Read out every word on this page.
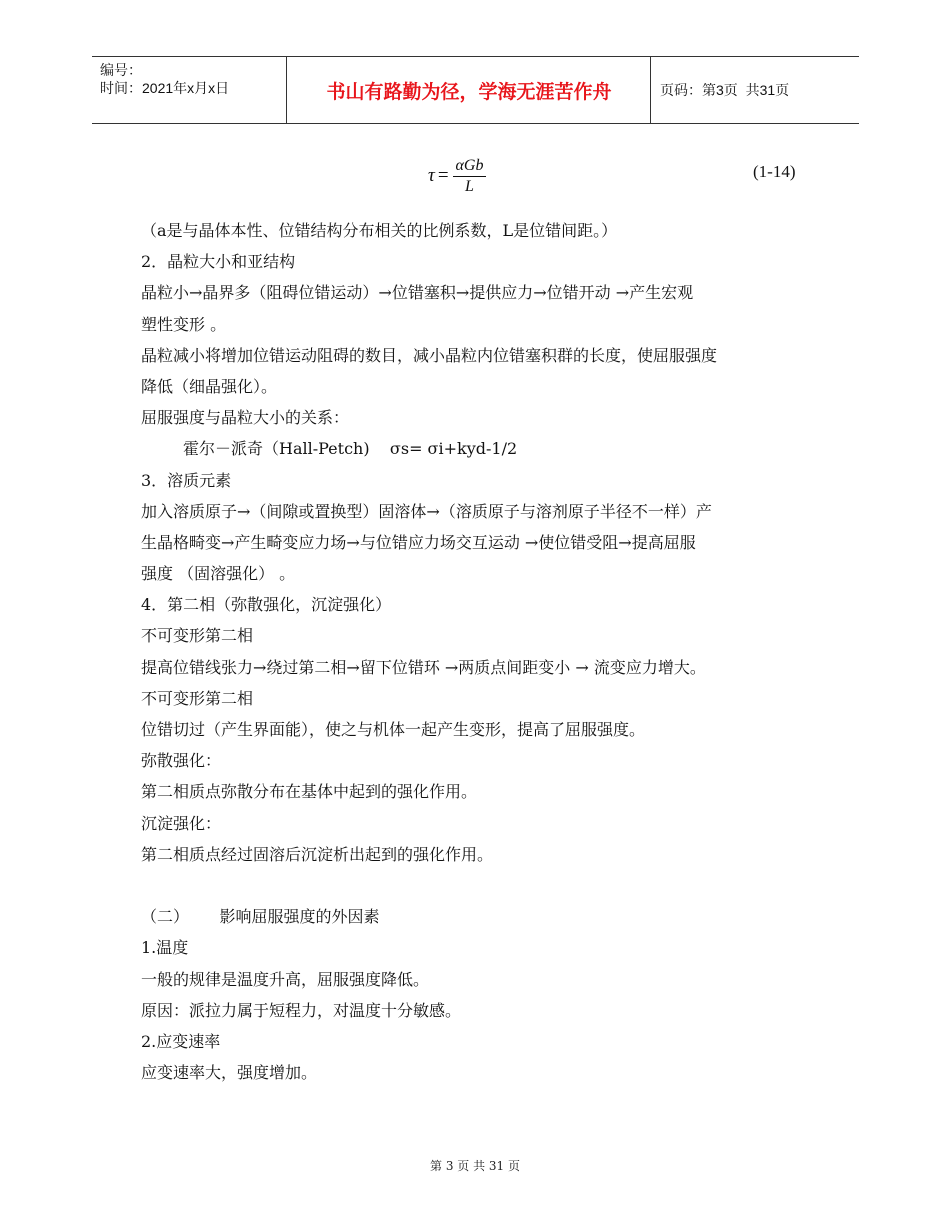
编号：
时间：2021年x月x日	书山有路勤为径，学海无涯苦作舟	页码：第3页  共31页
$\tau = \frac{\text{αGb}}{L}$	(1-14)
（a是与晶体本性、位错结构分布相关的比例系数，L是位错间距。）
2．晶粒大小和亚结构
晶粒小→晶界多（阻碍位错运动）→位错塞积→提供应力→位错开动 →产生宏观
塑性变形 。
晶粒减小将增加位错运动阻碍的数目，减小晶粒内位错塞积群的长度，使屈服强度
降低（细晶强化）。
屈服强度与晶粒大小的关系：
霍尔－派奇（Hall-Petch)    σs= σi+kyd-1/2
3．溶质元素
加入溶质原子→（间隙或置换型）固溶体→（溶质原子与溶剂原子半径不一样）产
生晶格畸变→产生畸变应力场→与位错应力场交互运动 →使位错受阻→提高屈服
强度 （固溶强化） 。
4．第二相（弥散强化，沉淀强化）
不可变形第二相
提高位错线张力→绕过第二相→留下位错环 →两质点间距变小 → 流变应力增大。
不可变形第二相
位错切过（产生界面能），使之与机体一起产生变形，提高了屈服强度。
弥散强化：
第二相质点弥散分布在基体中起到的强化作用。
沉淀强化：
第二相质点经过固溶后沉淀析出起到的强化作用。
（二）      影响屈服强度的外因素
1.温度
一般的规律是温度升高，屈服强度降低。
原因：派拉力属于短程力，对温度十分敏感。
2.应变速率
应变速率大，强度增加。
第 3 页 共 31 页
